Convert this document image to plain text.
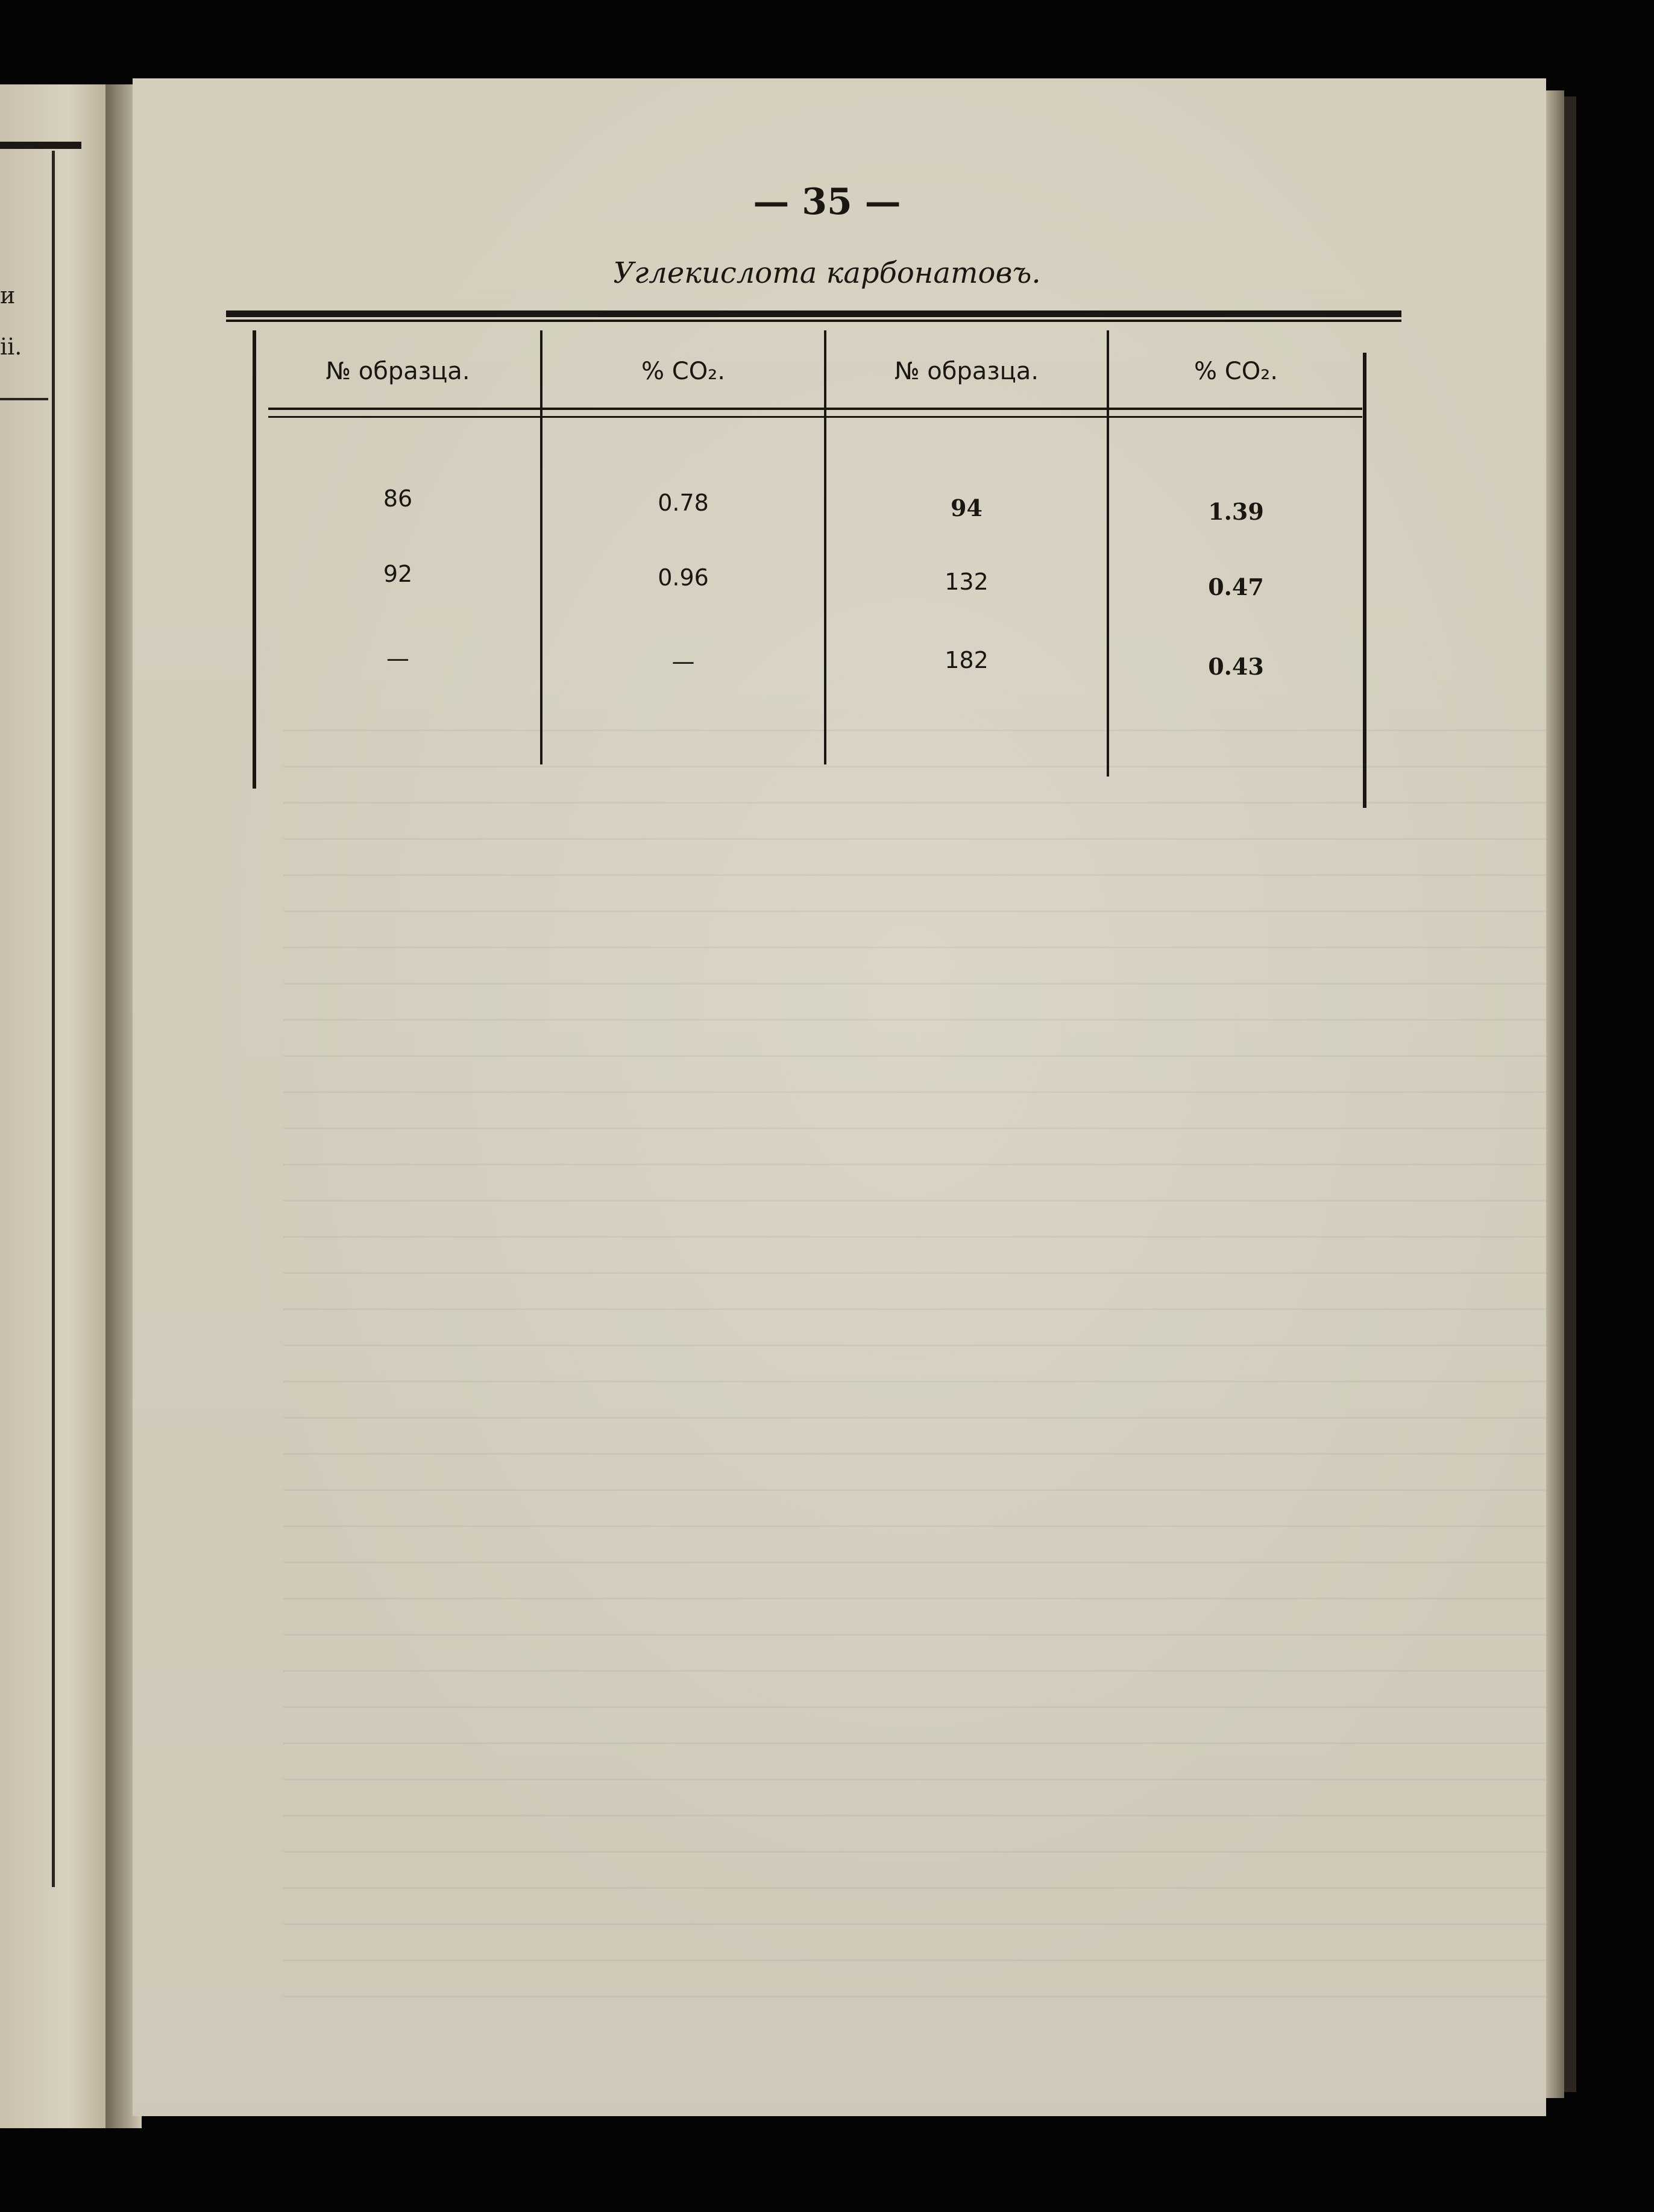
и
ii.
— 35 —
Углекислота карбонатовъ.
№ образца.	% CO₂.	№ образца.	% CO₂.
86	0.78	94	1.39
92	0.96	132	0.47
—	—	182	0.43
